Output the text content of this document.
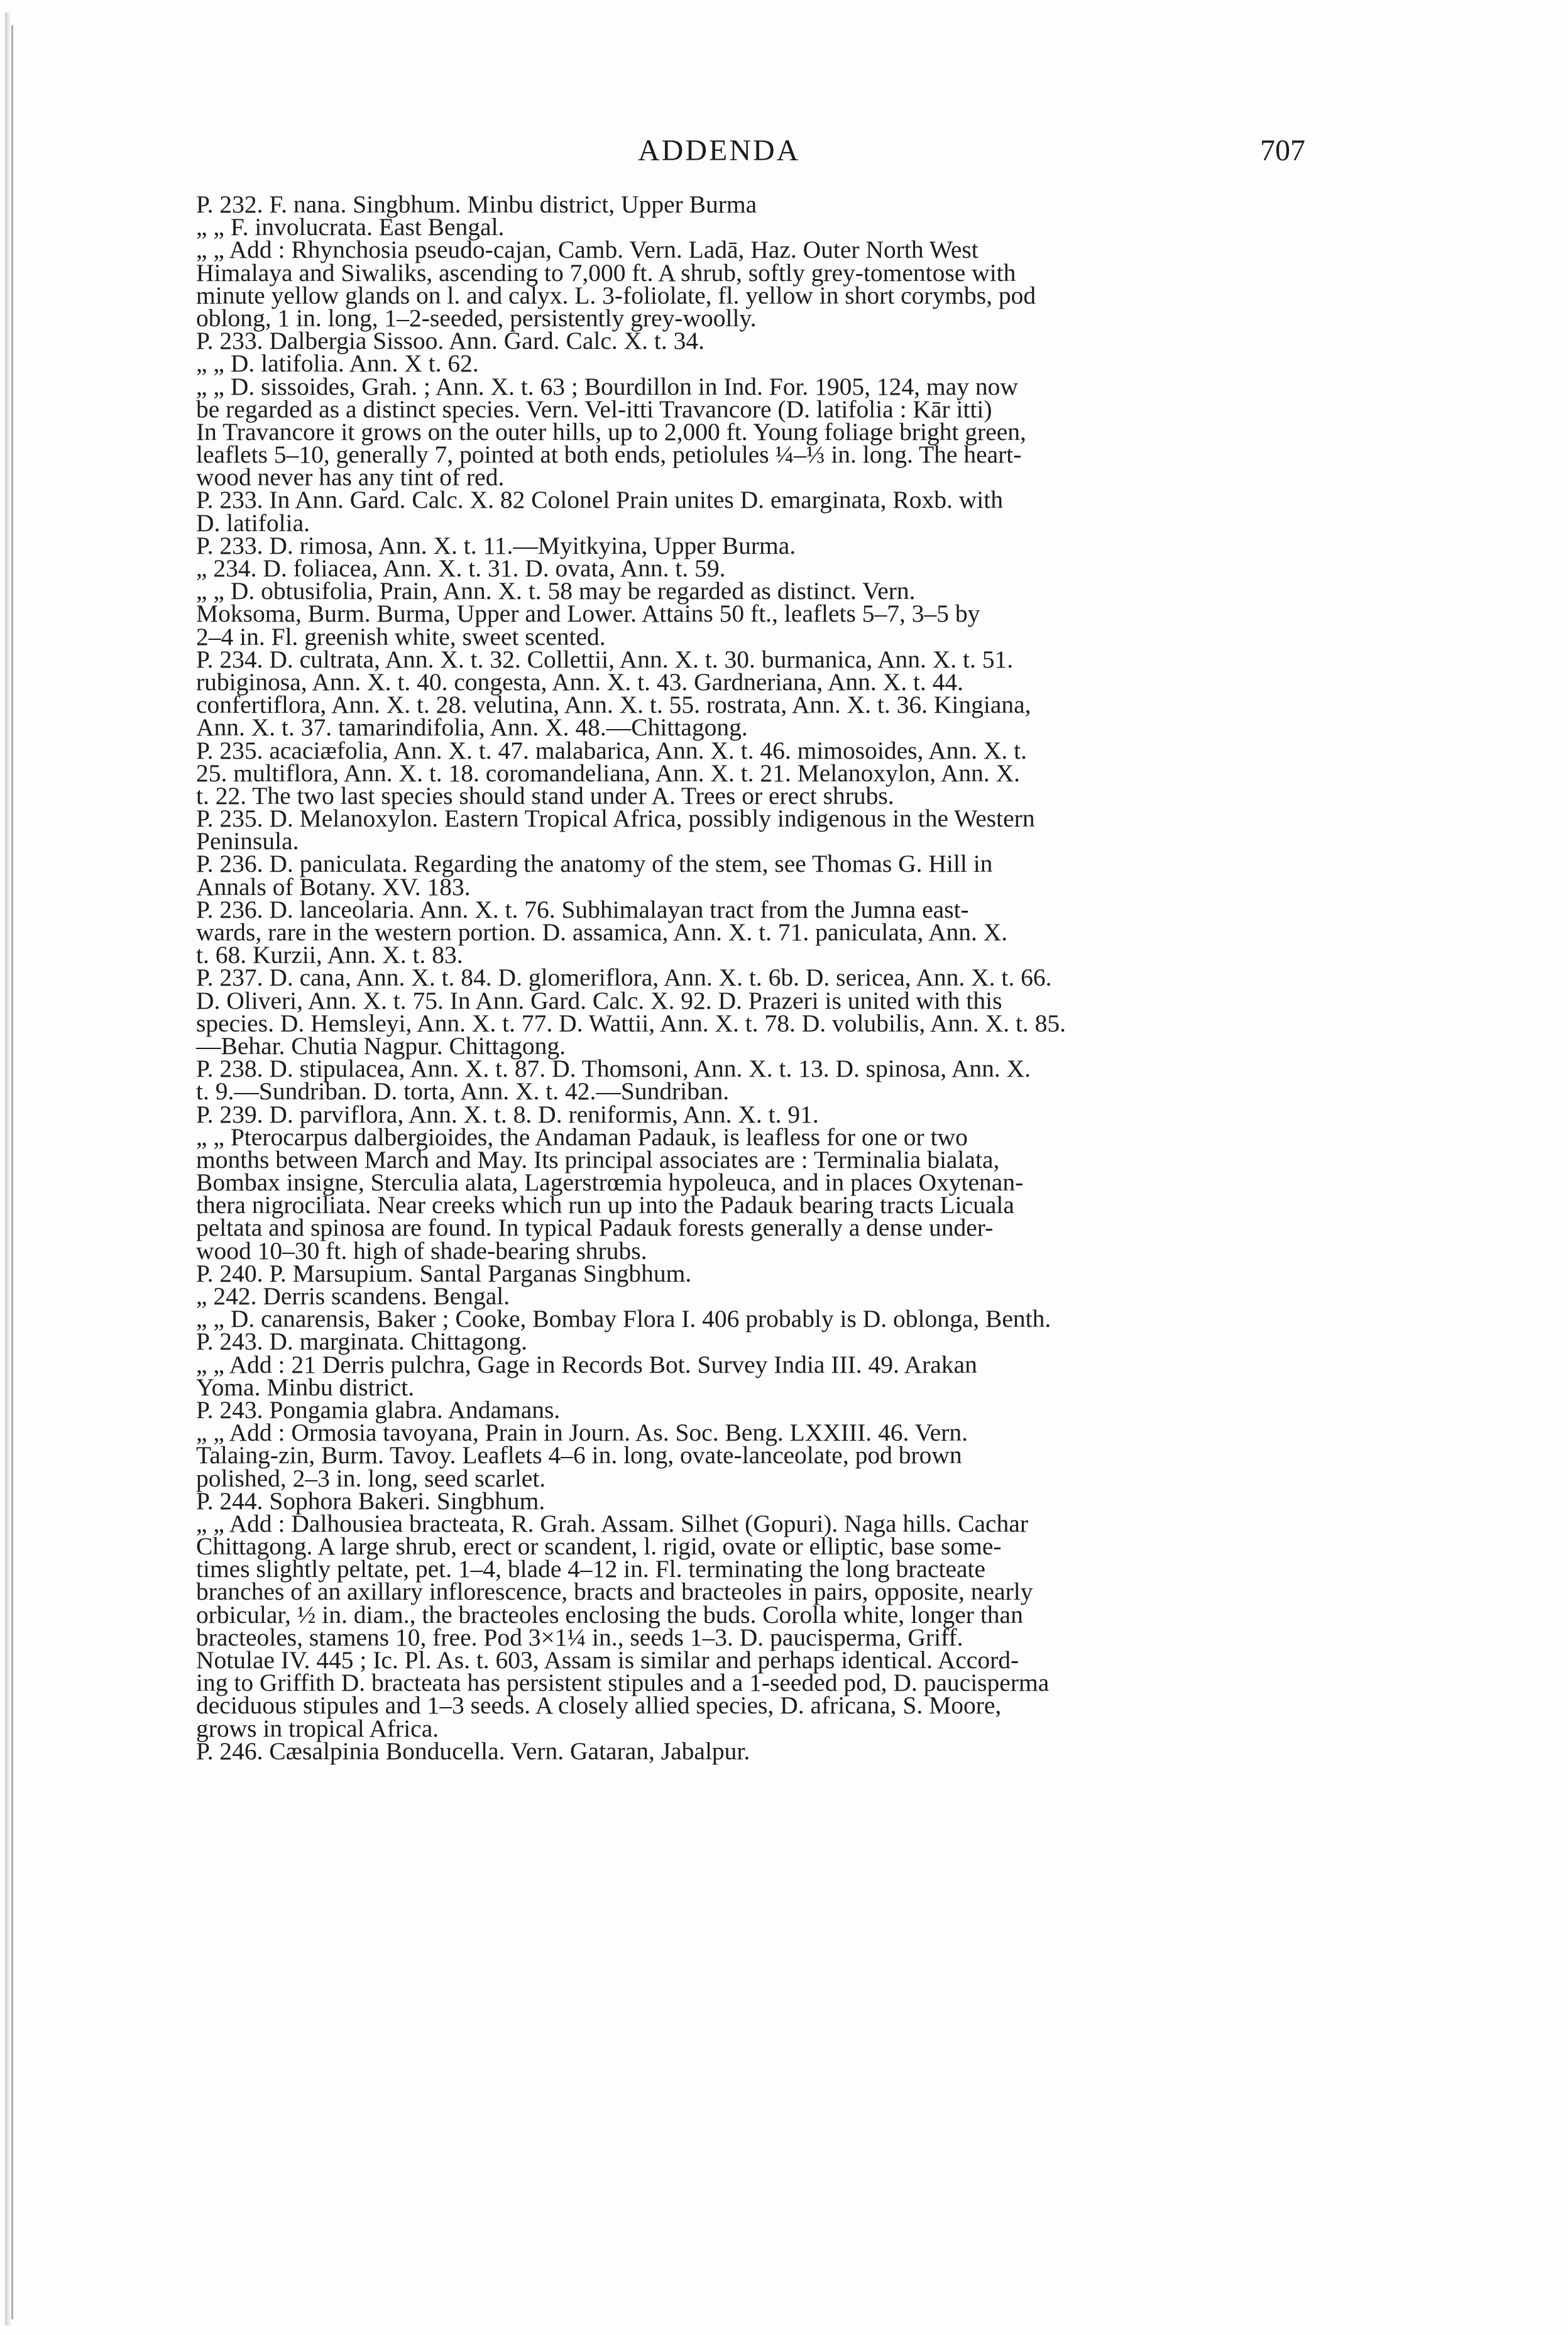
ADDENDA	707
P. 232. F. nana. Singbhum. Minbu district, Upper Burma
„ „ F. involucrata. East Bengal.
„ „ Add : Rhynchosia pseudo-cajan, Camb. Vern. Ladā, Haz. Outer North West
Himalaya and Siwaliks, ascending to 7,000 ft. A shrub, softly grey-tomentose with
minute yellow glands on l. and calyx. L. 3-foliolate, fl. yellow in short corymbs, pod
oblong, 1 in. long, 1–2-seeded, persistently grey-woolly.
P. 233. Dalbergia Sissoo. Ann. Gard. Calc. X. t. 34.
„ „ D. latifolia. Ann. X t. 62.
„ „ D. sissoides, Grah. ; Ann. X. t. 63 ; Bourdillon in Ind. For. 1905, 124, may now
be regarded as a distinct species. Vern. Vel-itti Travancore (D. latifolia : Kār itti)
In Travancore it grows on the outer hills, up to 2,000 ft. Young foliage bright green,
leaflets 5–10, generally 7, pointed at both ends, petiolules ¼–⅓ in. long. The heart-
wood never has any tint of red.
P. 233. In Ann. Gard. Calc. X. 82 Colonel Prain unites D. emarginata, Roxb. with
D. latifolia.
P. 233. D. rimosa, Ann. X. t. 11.—Myitkyina, Upper Burma.
„ 234. D. foliacea, Ann. X. t. 31. D. ovata, Ann. t. 59.
„ „ D. obtusifolia, Prain, Ann. X. t. 58 may be regarded as distinct. Vern.
Moksoma, Burm. Burma, Upper and Lower. Attains 50 ft., leaflets 5–7, 3–5 by
2–4 in. Fl. greenish white, sweet scented.
P. 234. D. cultrata, Ann. X. t. 32. Collettii, Ann. X. t. 30. burmanica, Ann. X. t. 51.
rubiginosa, Ann. X. t. 40. congesta, Ann. X. t. 43. Gardneriana, Ann. X. t. 44.
confertiflora, Ann. X. t. 28. velutina, Ann. X. t. 55. rostrata, Ann. X. t. 36. Kingiana,
Ann. X. t. 37. tamarindifolia, Ann. X. 48.—Chittagong.
P. 235. acaciæfolia, Ann. X. t. 47. malabarica, Ann. X. t. 46. mimosoides, Ann. X. t.
25. multiflora, Ann. X. t. 18. coromandeliana, Ann. X. t. 21. Melanoxylon, Ann. X.
t. 22. The two last species should stand under A. Trees or erect shrubs.
P. 235. D. Melanoxylon. Eastern Tropical Africa, possibly indigenous in the Western
Peninsula.
P. 236. D. paniculata. Regarding the anatomy of the stem, see Thomas G. Hill in
Annals of Botany. XV. 183.
P. 236. D. lanceolaria. Ann. X. t. 76. Subhimalayan tract from the Jumna east-
wards, rare in the western portion. D. assamica, Ann. X. t. 71. paniculata, Ann. X.
t. 68. Kurzii, Ann. X. t. 83.
P. 237. D. cana, Ann. X. t. 84. D. glomeriflora, Ann. X. t. 6b. D. sericea, Ann. X. t. 66.
D. Oliveri, Ann. X. t. 75. In Ann. Gard. Calc. X. 92. D. Prazeri is united with this
species. D. Hemsleyi, Ann. X. t. 77. D. Wattii, Ann. X. t. 78. D. volubilis, Ann. X. t. 85.
—Behar. Chutia Nagpur. Chittagong.
P. 238. D. stipulacea, Ann. X. t. 87. D. Thomsoni, Ann. X. t. 13. D. spinosa, Ann. X.
t. 9.—Sundriban. D. torta, Ann. X. t. 42.—Sundriban.
P. 239. D. parviflora, Ann. X. t. 8. D. reniformis, Ann. X. t. 91.
„ „ Pterocarpus dalbergioides, the Andaman Padauk, is leafless for one or two
months between March and May. Its principal associates are : Terminalia bialata,
Bombax insigne, Sterculia alata, Lagerstrœmia hypoleuca, and in places Oxytenan-
thera nigrociliata. Near creeks which run up into the Padauk bearing tracts Licuala
peltata and spinosa are found. In typical Padauk forests generally a dense under-
wood 10–30 ft. high of shade-bearing shrubs.
P. 240. P. Marsupium. Santal Parganas Singbhum.
„ 242. Derris scandens. Bengal.
„ „ D. canarensis, Baker ; Cooke, Bombay Flora I. 406 probably is D. oblonga, Benth.
P. 243. D. marginata. Chittagong.
„ „ Add : 21 Derris pulchra, Gage in Records Bot. Survey India III. 49. Arakan
Yoma. Minbu district.
P. 243. Pongamia glabra. Andamans.
„ „ Add : Ormosia tavoyana, Prain in Journ. As. Soc. Beng. LXXIII. 46. Vern.
Talaing-zin, Burm. Tavoy. Leaflets 4–6 in. long, ovate-lanceolate, pod brown
polished, 2–3 in. long, seed scarlet.
P. 244. Sophora Bakeri. Singbhum.
„ „ Add : Dalhousiea bracteata, R. Grah. Assam. Silhet (Gopuri). Naga hills. Cachar
Chittagong. A large shrub, erect or scandent, l. rigid, ovate or elliptic, base some-
times slightly peltate, pet. 1–4, blade 4–12 in. Fl. terminating the long bracteate
branches of an axillary inflorescence, bracts and bracteoles in pairs, opposite, nearly
orbicular, ½ in. diam., the bracteoles enclosing the buds. Corolla white, longer than
bracteoles, stamens 10, free. Pod 3×1¼ in., seeds 1–3. D. paucisperma, Griff.
Notulae IV. 445 ; Ic. Pl. As. t. 603, Assam is similar and perhaps identical. Accord-
ing to Griffith D. bracteata has persistent stipules and a 1-seeded pod, D. paucisperma
deciduous stipules and 1–3 seeds. A closely allied species, D. africana, S. Moore,
grows in tropical Africa.
P. 246. Cæsalpinia Bonducella. Vern. Gataran, Jabalpur.
